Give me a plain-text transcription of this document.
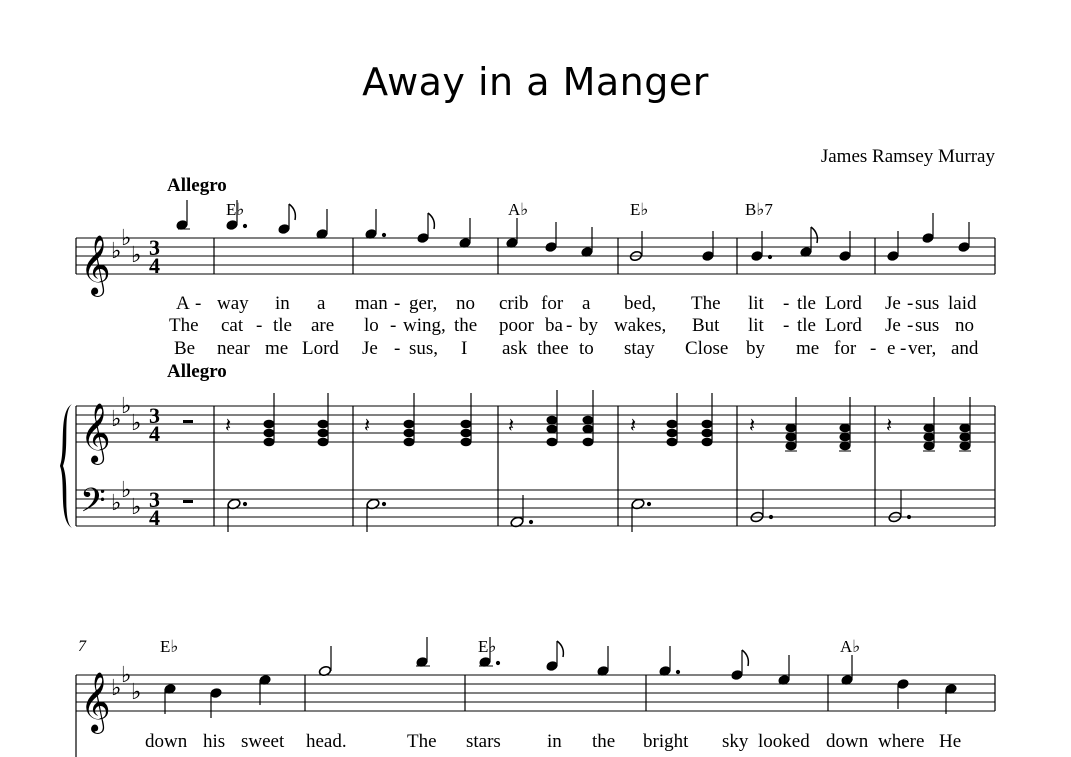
Away in a Manger
James Ramsey Murray
Allegro
Allegro
𝄞
𝄞
𝄢
♭
♭
♭
♭
♭
♭
♭
♭
♭
3
4
3
4
3
4
𝄽	𝄽	𝄽	𝄽	𝄽	𝄽
E♭	A♭	E♭	B♭7
A - way in a man - ger, no crib for a bed, The lit - tle Lord Je - sus laid
The cat - tle are lo - wing, the poor ba - by wakes, But lit - tle Lord Je - sus no
Be near me Lord Je - sus, I ask thee to stay Close by me for - e - ver, and
7
𝄞 ♭
♭
♭
E♭	E♭	A♭
down his sweet head.	The stars in the bright sky looked down where He
